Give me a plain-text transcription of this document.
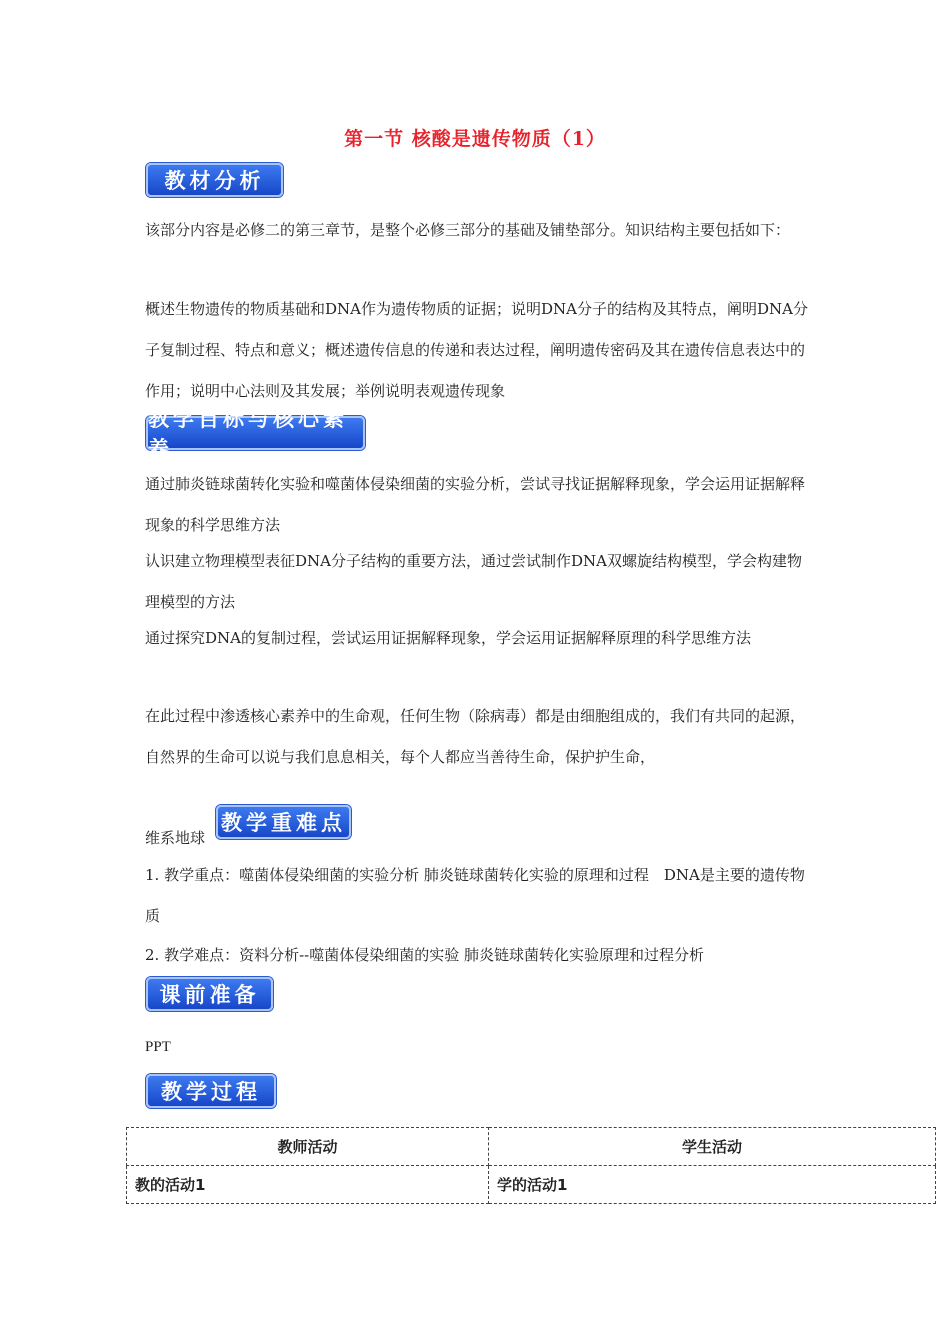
第一节 核酸是遗传物质（1）
教材分析
该部分内容是必修二的第三章节，是整个必修三部分的基础及铺垫部分。知识结构主要包括如下：
概述生物遗传的物质基础和DNA作为遗传物质的证据；说明DNA分子的结构及其特点，阐明DNA分子复制过程、特点和意义；概述遗传信息的传递和表达过程，阐明遗传密码及其在遗传信息表达中的作用；说明中心法则及其发展；举例说明表观遗传现象
教学目标与核心素养
通过肺炎链球菌转化实验和噬菌体侵染细菌的实验分析，尝试寻找证据解释现象，学会运用证据解释现象的科学思维方法
认识建立物理模型表征DNA分子结构的重要方法，通过尝试制作DNA双螺旋结构模型，学会构建物理模型的方法
通过探究DNA的复制过程，尝试运用证据解释现象，学会运用证据解释原理的科学思维方法
在此过程中渗透核心素养中的生命观，任何生物（除病毒）都是由细胞组成的，我们有共同的起源，自然界的生命可以说与我们息息相关，每个人都应当善待生命，保护护生命，
维系地球
教学重难点
1. 教学重点：噬菌体侵染细菌的实验分析 肺炎链球菌转化实验的原理和过程　DNA是主要的遗传物质
2. 教学难点：资料分析--噬菌体侵染细菌的实验 肺炎链球菌转化实验原理和过程分析
课前准备
PPT
教学过程
教师活动	学生活动
教的活动1	学的活动1
